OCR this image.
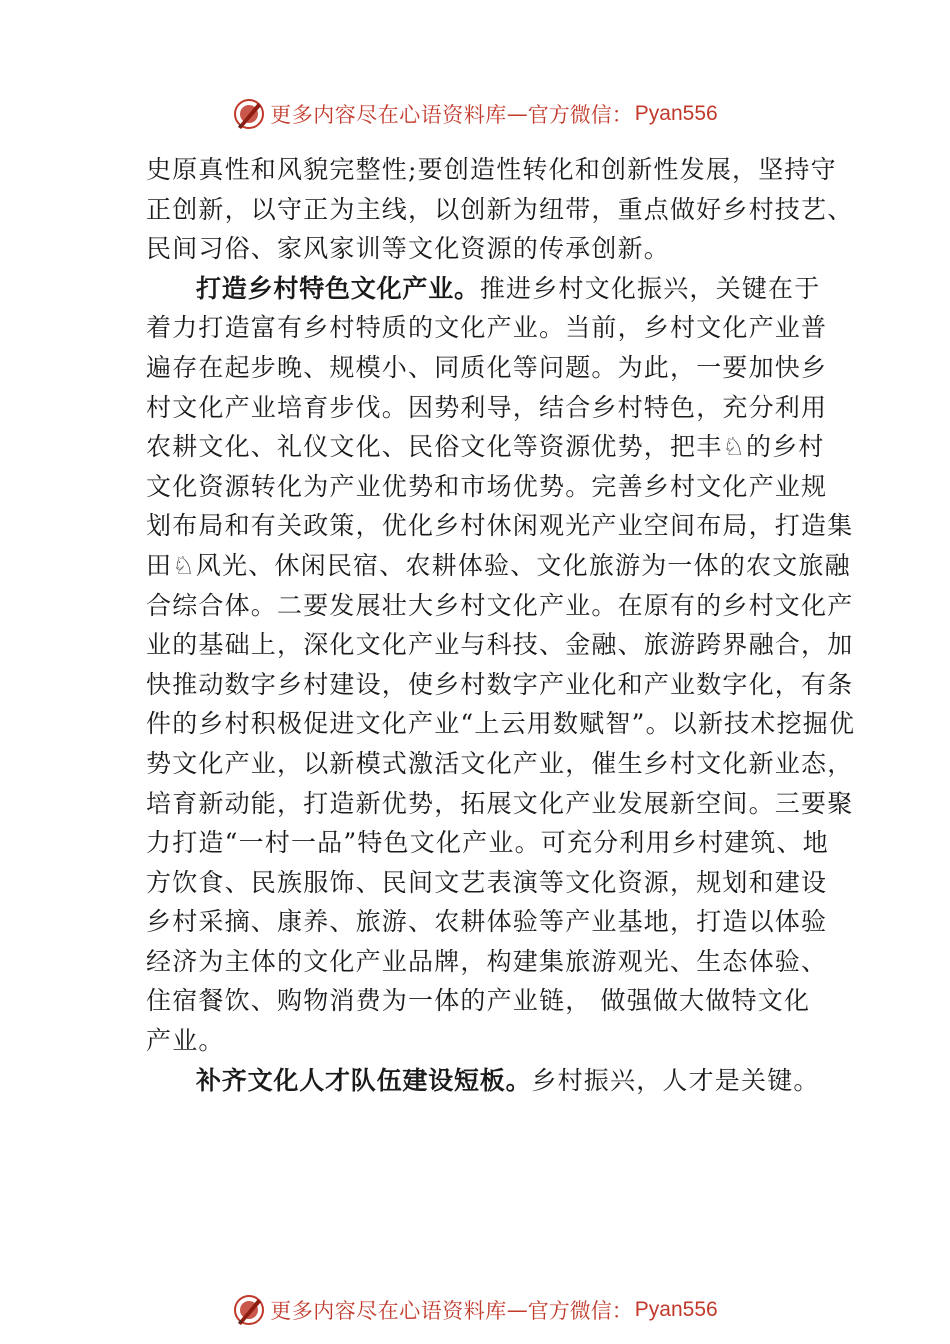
更多内容尽在心语资料库 — 官方微信： Pyan556
史原真性和风貌完整性;要创造性转化和创新性发展，坚持守
正创新，以守正为主线，以创新为纽带，重点做好乡村技艺、
民间习俗、家风家训等文化资源的传承创新。
打造乡村特色文化产业。推进乡村文化振兴，关键在于
着力打造富有乡村特质的文化产业。当前，乡村文化产业普
遍存在起步晚、规模小、同质化等问题。为此，一要加快乡
村文化产业培育步伐。因势利导，结合乡村特色，充分利用
农耕文化、礼仪文化、民俗文化等资源优势，把丰♘的乡村
文化资源转化为产业优势和市场优势。完善乡村文化产业规
划布局和有关政策，优化乡村休闲观光产业空间布局，打造集
田♘风光、休闲民宿、农耕体验、文化旅游为一体的农文旅融
合综合体。二要发展壮大乡村文化产业。在原有的乡村文化产
业的基础上，深化文化产业与科技、金融、旅游跨界融合，加
快推动数字乡村建设，使乡村数字产业化和产业数字化，有条
件的乡村积极促进文化产业“上云用数赋智”。以新技术挖掘优
势文化产业，以新模式激活文化产业，催生乡村文化新业态，
培育新动能，打造新优势，拓展文化产业发展新空间。三要聚
力打造“一村一品”特色文化产业。可充分利用乡村建筑、地
方饮食、民族服饰、民间文艺表演等文化资源，规划和建设
乡村采摘、康养、旅游、农耕体验等产业基地，打造以体验
经济为主体的文化产业品牌，构建集旅游观光、生态体验、
住宿餐饮、购物消费为一体的产业链， 做强做大做特文化
产业。
补齐文化人才队伍建设短板。乡村振兴，人才是关键。
更多内容尽在心语资料库 — 官方微信： Pyan556
